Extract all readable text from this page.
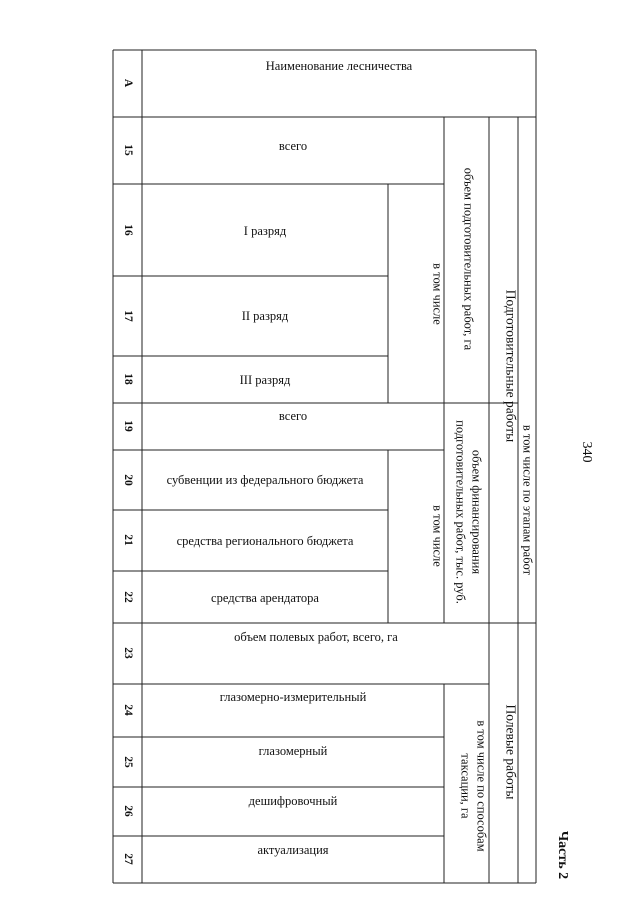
340
Часть 2
А
Наименование лесничества
15
16
17
18
19
20
21
22
23
24
25
26
27
всего
I разряд
II разряд
III разряд
всего
субвенции из федерального бюджета
средства регионального бюджета
средства арендатора
объем полевых работ, всего, га
глазомерно-измерительный
глазомерный
дешифровочный
актуализация
в том числе объем подготовительных работ, га
в том числе объем финансирования
подготовительных работ, тыс. руб.
Подготовительные работы
в том числе по этапам работ
в том числе по способам
таксации, га Полевые работы
